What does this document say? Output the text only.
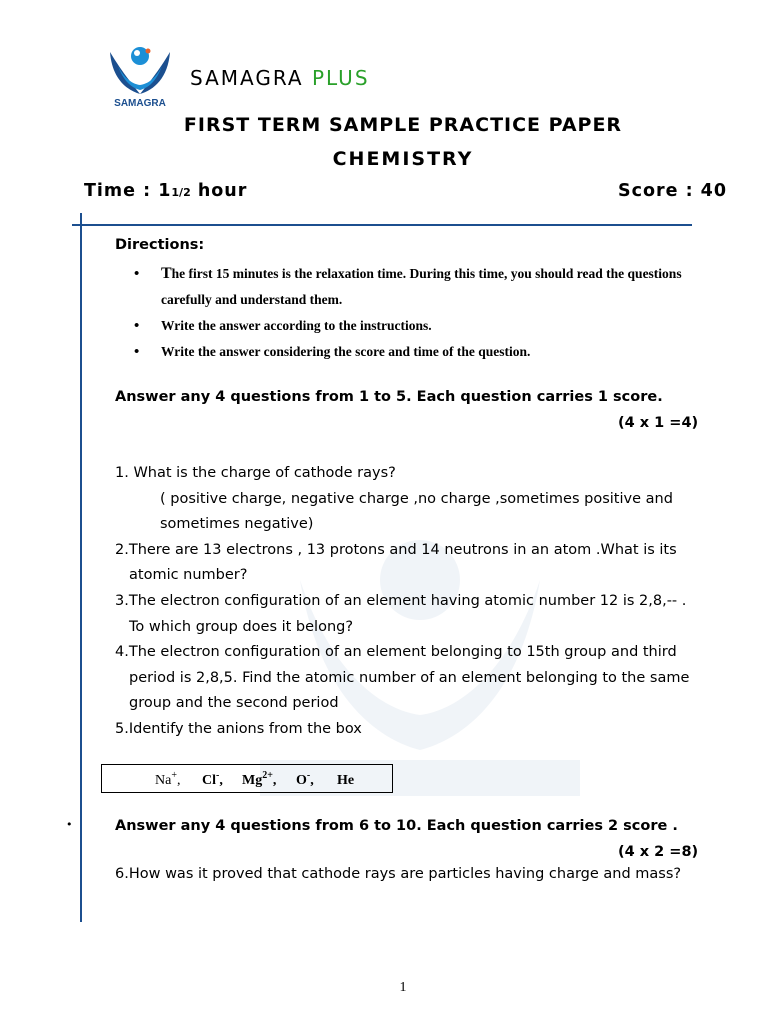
SAMAGRA
SAMAGRA PLUS
FIRST TERM SAMPLE PRACTICE PAPER
CHEMISTRY
Time : 11/2 hour	Score : 40
Directions:
• The first 15 minutes is the relaxation time. During this time, you should read the questions carefully and understand them.
• Write the answer according to the instructions.
• Write the answer considering the score and time of the question.
Answer any 4 questions from 1 to 5. Each question carries 1 score.
(4 x 1 =4)

1. What is the charge of cathode rays?

( positive charge, negative charge ,no charge ,sometimes positive and

sometimes negative)

2.There are 13 electrons , 13 protons and 14 neutrons in an atom .What is its

atomic number?

3.The electron configuration of an element having atomic number 12 is 2,8,-- .

To which group does it belong?

4.The electron configuration of an element belonging to 15th group and third

period is 2,8,5. Find the atomic number of an element belonging to the same

group and the second period

5.Identify the anions from the box

Na+, Cl-, $Mg^{2+}$, O-, He
•	Answer any 4 questions from 6 to 10. Each question carries 2 score .
(4 x 2 =8)
6.How was it proved that cathode rays are particles having charge and mass?
1
